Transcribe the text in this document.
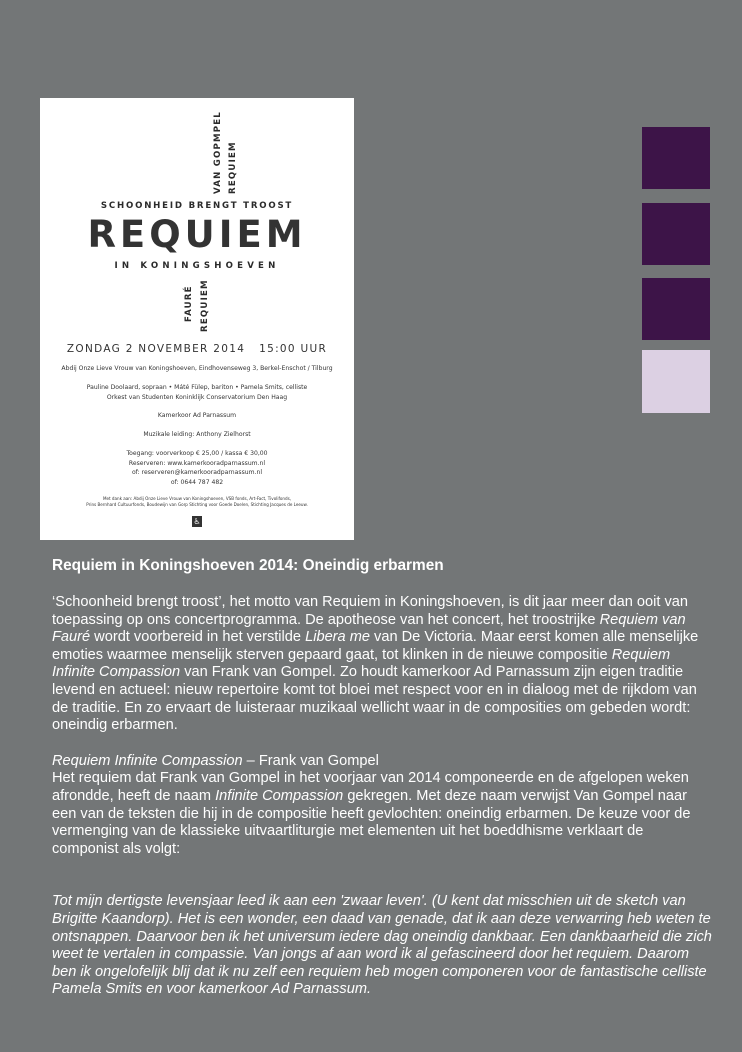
VAN GOPMPEL REQUIEM
SCHOONHEID BRENGT TROOST
REQUIEM
IN KONINGSHOEVEN
FAURÉ REQUIEM
ZONDAG 2 NOVEMBER 2014   15:00 UUR
Abdij Onze Lieve Vrouw van Koningshoeven, Eindhovenseweg 3, Berkel-Enschot / Tilburg
Pauline Doolaard, sopraan • Máté Fülep, bariton • Pamela Smits, celliste
Orkest van Studenten Koninklijk Conservatorium Den Haag
Kamerkoor Ad Parnassum
Muzikale leiding: Anthony Zielhorst
Toegang: voorverkoop € 25,00 / kassa € 30,00
Reserveren: www.kamerkooradparnassum.nl
of: reserveren@kamerkooradparnassum.nl
of: 0644 787 482
Met dank aan: Abdij Onze Lieve Vrouw van Koningshoeven, VSB fonds, Art-Fact, Tivolifonds,
Prins Bernhard Cultuurfonds, Boudewijn van Gorp Stichting voor Goede Doelen, Stichting Jacques de Leeuw.
♿
Requiem in Koningshoeven 2014: Oneindig erbarmen

‘Schoonheid brengt troost’, het motto van Requiem in Koningshoeven, is dit jaar meer dan ooit van toepassing op ons concertprogramma. De apotheose van het concert, het troostrijke Requiem van Fauré wordt voorbereid in het verstilde Libera me van De Victoria. Maar eerst komen alle menselijke emoties waarmee menselijk sterven gepaard gaat, tot klinken in de nieuwe compositie Requiem Infinite Compassion van Frank van Gompel. Zo houdt kamerkoor Ad Parnassum zijn eigen traditie levend en actueel: nieuw repertoire komt tot bloei met respect voor en in dialoog met de rijkdom van de traditie. En zo ervaart de luisteraar muzikaal wellicht waar in de composities om gebeden wordt: oneindig erbarmen.

Requiem Infinite Compassion – Frank van Gompel

Het requiem dat Frank van Gompel in het voorjaar van 2014 componeerde en de afgelopen weken afrondde, heeft de naam Infinite Compassion gekregen. Met deze naam verwijst Van Gompel naar een van de teksten die hij in de compositie heeft gevlochten: oneindig erbarmen. De keuze voor de vermenging van de klassieke uitvaartliturgie met elementen uit het boeddhisme verklaart de componist als volgt:

Tot mijn dertigste levensjaar leed ik aan een 'zwaar leven'. (U kent dat misschien uit de sketch van Brigitte Kaandorp). Het is een wonder, een daad van genade, dat ik aan deze verwarring heb weten te ontsnappen. Daarvoor ben ik het universum iedere dag oneindig dankbaar. Een dankbaarheid die zich weet te vertalen in compassie. Van jongs af aan word ik al gefascineerd door het requiem. Daarom ben ik ongelofelijk blij dat ik nu zelf een requiem heb mogen componeren voor de fantastische celliste Pamela Smits en voor kamerkoor Ad Parnassum.
